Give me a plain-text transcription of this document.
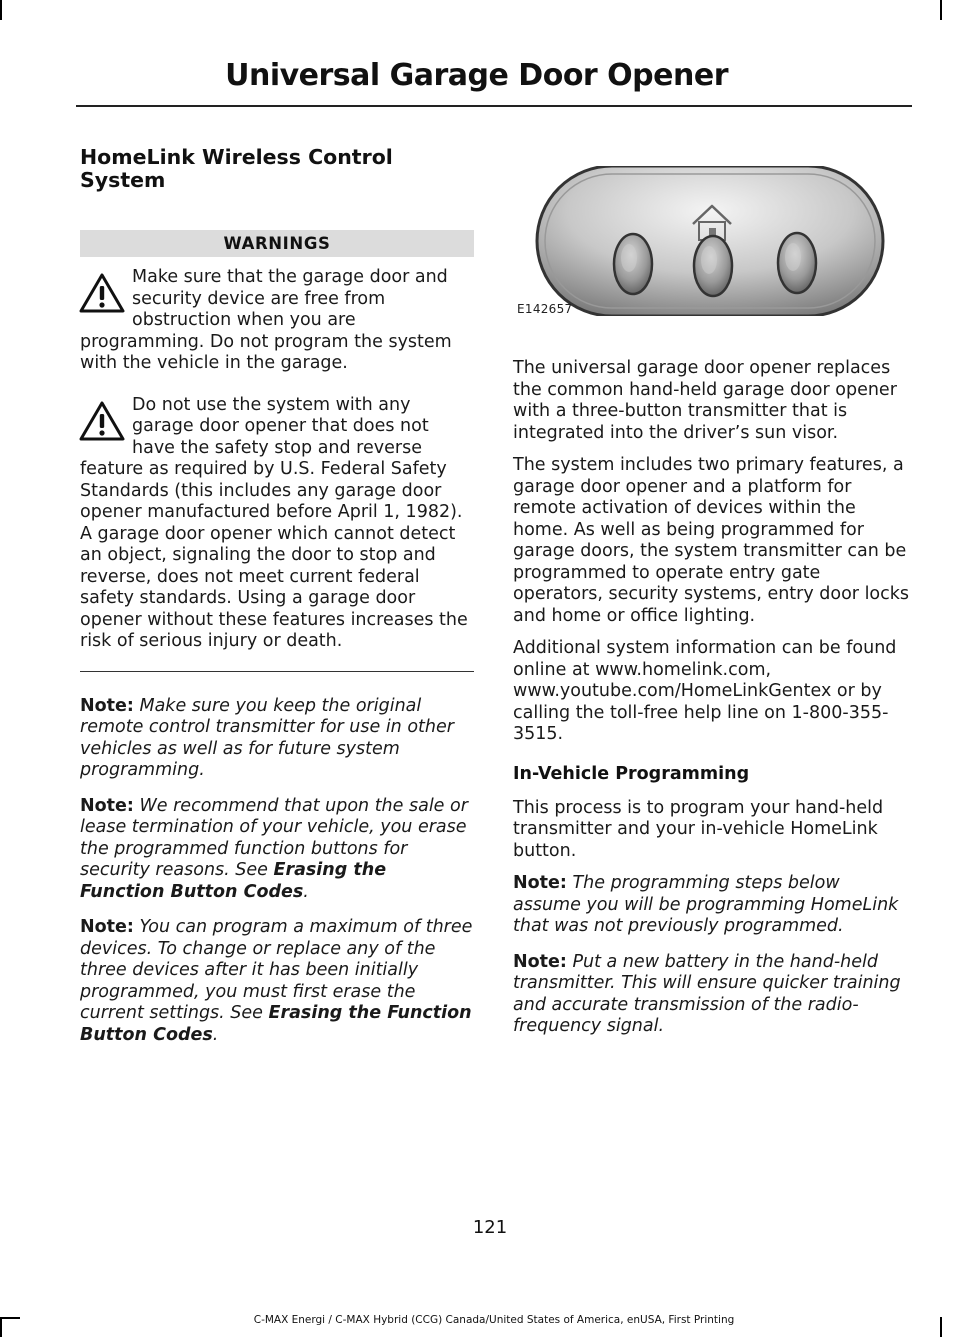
Universal Garage Door Opener
HomeLink Wireless Control System
WARNINGS
Make sure that the garage door and security device are free from obstruction when you are programming. Do not program the system with the vehicle in the garage.
Do not use the system with any garage door opener that does not have the safety stop and reverse feature as required by U.S. Federal Safety Standards (this includes any garage door opener manufactured before April 1, 1982). A garage door opener which cannot detect an object, signaling the door to stop and reverse, does not meet current federal safety standards. Using a garage door opener without these features increases the risk of serious injury or death.

Note: Make sure you keep the original remote control transmitter for use in other vehicles as well as for future system programming.

Note: We recommend that upon the sale or lease termination of your vehicle, you erase the programmed function buttons for security reasons. See Erasing the Function Button Codes.

Note: You can program a maximum of three devices. To change or replace any of the three devices after it has been initially programmed, you must first erase the current settings. See Erasing the Function Button Codes.

E142657

The universal garage door opener replaces the common hand-held garage door opener with a three-button transmitter that is integrated into the driver’s sun visor.

The system includes two primary features, a garage door opener and a platform for remote activation of devices within the home. As well as being programmed for garage doors, the system transmitter can be programmed to operate entry gate operators, security systems, entry door locks and home or office lighting.

Additional system information can be found online at www.homelink.com, www.youtube.com/HomeLinkGentex or by calling the toll-free help line on 1-800-355-3515.

In-Vehicle Programming

This process is to program your hand-held transmitter and your in-vehicle HomeLink button.

Note: The programming steps below assume you will be programming HomeLink that was not previously programmed.

Note: Put a new battery in the hand-held transmitter. This will ensure quicker training and accurate transmission of the radio-frequency signal.

121
C-MAX Energi / C-MAX Hybrid (CCG) Canada/United States of America, enUSA, First Printing
